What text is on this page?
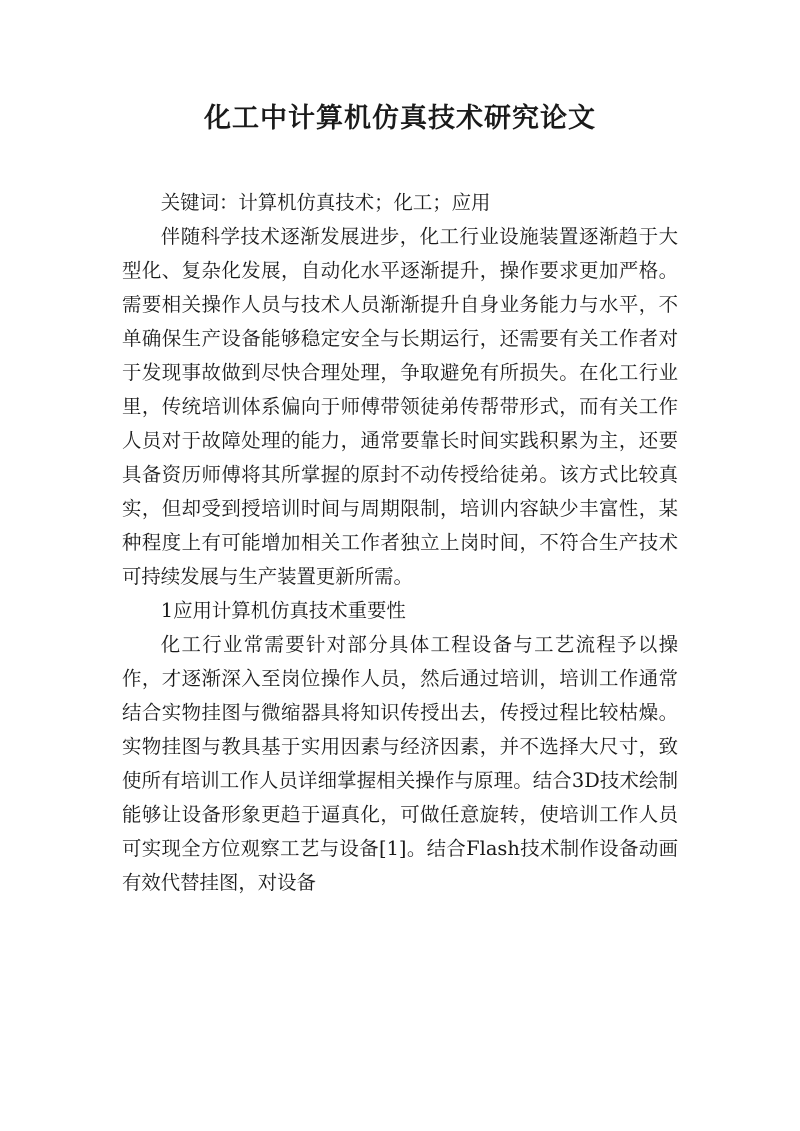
化工中计算机仿真技术研究论文

关键词：计算机仿真技术；化工；应用

伴随科学技术逐渐发展进步，化工行业设施装置逐渐趋于大型化、复杂化发展，自动化水平逐渐提升，操作要求更加严格。需要相关操作人员与技术人员渐渐提升自身业务能力与水平，不单确保生产设备能够稳定安全与长期运行，还需要有关工作者对于发现事故做到尽快合理处理，争取避免有所损失。在化工行业里，传统培训体系偏向于师傅带领徒弟传帮带形式，而有关工作人员对于故障处理的能力，通常要靠长时间实践积累为主，还要具备资历师傅将其所掌握的原封不动传授给徒弟。该方式比较真实，但却受到授培训时间与周期限制，培训内容缺少丰富性，某种程度上有可能增加相关工作者独立上岗时间，不符合生产技术可持续发展与生产装置更新所需。

1应用计算机仿真技术重要性

化工行业常需要针对部分具体工程设备与工艺流程予以操作，才逐渐深入至岗位操作人员，然后通过培训，培训工作通常结合实物挂图与微缩器具将知识传授出去，传授过程比较枯燥。实物挂图与教具基于实用因素与经济因素，并不选择大尺寸，致使所有培训工作人员详细掌握相关操作与原理。结合3D技术绘制能够让设备形象更趋于逼真化，可做任意旋转，使培训工作人员可实现全方位观察工艺与设备[1]。结合Flash技术制作设备动画有效代替挂图，对设备
